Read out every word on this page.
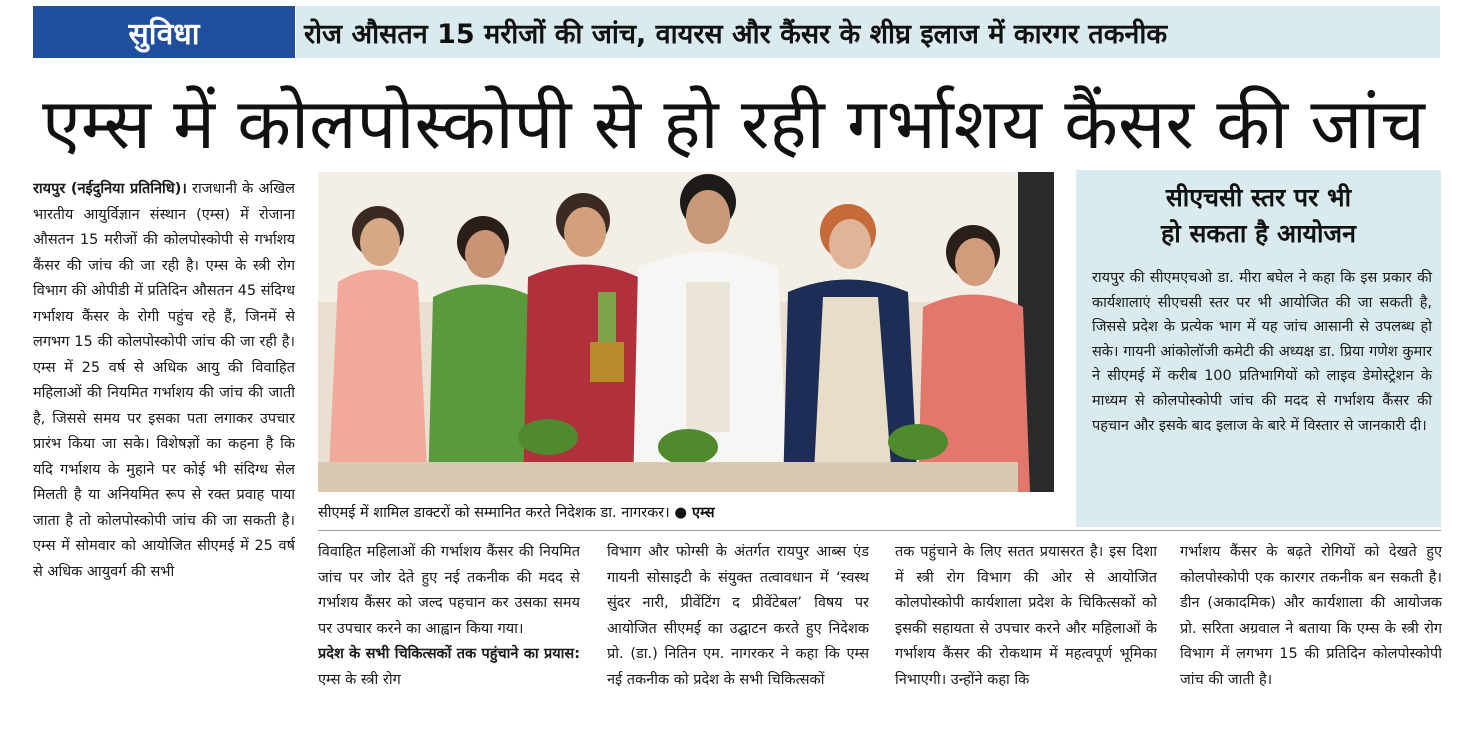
सुविधा	रोज औसतन 15 मरीजों की जांच, वायरस और कैंसर के शीघ्र इलाज में कारगर तकनीक
एम्स में कोलपोस्कोपी से हो रही गर्भाशय कैंसर की जांच

रायपुर (नईदुनिया प्रतिनिधि)। राजधानी के अखिल भारतीय आयुर्विज्ञान संस्थान (एम्स) में रोजाना औसतन 15 मरीजों की कोलपोस्कोपी से गर्भाशय कैंसर की जांच की जा रही है। एम्स के स्त्री रोग विभाग की ओपीडी में प्रतिदिन औसतन 45 संदिग्ध गर्भाशय कैंसर के रोगी पहुंच रहे हैं, जिनमें से लगभग 15 की कोलपोस्कोपी जांच की जा रही है। एम्स में 25 वर्ष से अधिक आयु की विवाहित महिलाओं की नियमित गर्भाशय की जांच की जाती है, जिससे समय पर इसका पता लगाकर उपचार प्रारंभ किया जा सके। विशेषज्ञों का कहना है कि यदि गर्भाशय के मुहाने पर कोई भी संदिग्ध सेल मिलती है या अनियमित रूप से रक्त प्रवाह पाया जाता है तो कोलपोस्कोपी जांच की जा सकती है। एम्स में सोमवार को आयोजित सीएमई में 25 वर्ष से अधिक आयुवर्ग की सभी

सीएमई में शामिल डाक्टरों को सम्मानित करते निदेशक डा. नागरकर। ● एम्स
सीएचसी स्तर पर भी
हो सकता है आयोजन
रायपुर की सीएमएचओ डा. मीरा बघेल ने कहा कि इस प्रकार की कार्यशालाएं सीएचसी स्तर पर भी आयोजित की जा सकती है, जिससे प्रदेश के प्रत्येक भाग में यह जांच आसानी से उपलब्ध हो सके। गायनी आंकोलॉजी कमेटी की अध्यक्ष डा. प्रिया गणेश कुमार ने सीएमई में करीब 100 प्रतिभागियों को लाइव डेमोस्ट्रेशन के माध्यम से कोलपोस्कोपी जांच की मदद से गर्भाशय कैंसर की पहचान और इसके बाद इलाज के बारे में विस्तार से जानकारी दी।

विवाहित महिलाओं की गर्भाशय कैंसर की नियमित जांच पर जोर देते हुए नई तकनीक की मदद से गर्भाशय कैंसर को जल्द पहचान कर उसका समय पर उपचार करने का आह्वान किया गया।

प्रदेश के सभी चिकित्सकों तक पहुंचाने का प्रयास: एम्स के स्त्री रोग

विभाग और फोग्सी के अंतर्गत रायपुर आब्स एंड गायनी सोसाइटी के संयुक्त तत्वावधान में ‘स्वस्थ सुंदर नारी, प्रीवेंटिंग द प्रीवेंटेबल’ विषय पर आयोजित सीएमई का उद्घाटन करते हुए निदेशक प्रो. (डा.) नितिन एम. नागरकर ने कहा कि एम्स नई तकनीक को प्रदेश के सभी चिकित्सकों

तक पहुंचाने के लिए सतत प्रयासरत है। इस दिशा में स्त्री रोग विभाग की ओर से आयोजित कोलपोस्कोपी कार्यशाला प्रदेश के चिकित्सकों को इसकी सहायता से उपचार करने और महिलाओं के गर्भाशय कैंसर की रोकथाम में महत्वपूर्ण भूमिका निभाएगी। उन्होंने कहा कि

गर्भाशय कैंसर के बढ़ते रोगियों को देखते हुए कोलपोस्कोपी एक कारगर तकनीक बन सकती है। डीन (अकादमिक) और कार्यशाला की आयोजक प्रो. सरिता अग्रवाल ने बताया कि एम्स के स्त्री रोग विभाग में लगभग 15 की प्रतिदिन कोलपोस्कोपी जांच की जाती है।
